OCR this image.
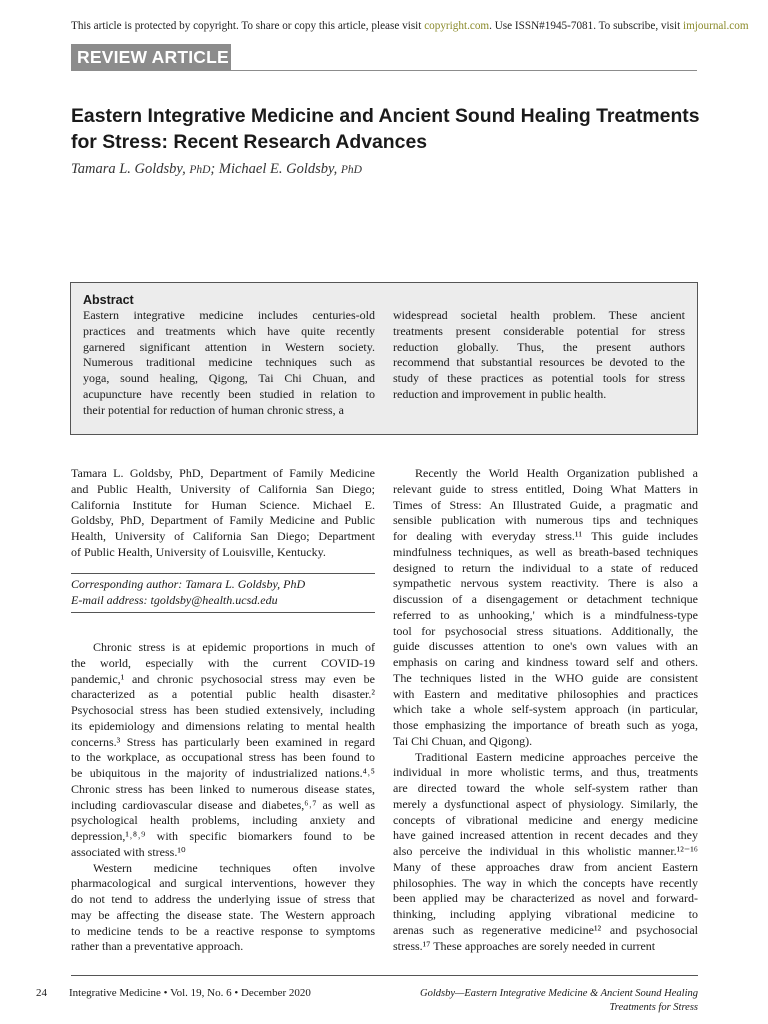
This article is protected by copyright. To share or copy this article, please visit copyright.com. Use ISSN#1945-7081. To subscribe, visit imjournal.com
REVIEW ARTICLE
Eastern Integrative Medicine and Ancient Sound Healing Treatments
for Stress: Recent Research Advances
Tamara L. Goldsby, PhD; Michael E. Goldsby, PhD
Abstract
Eastern integrative medicine includes centuries-old
practices and treatments which have quite recently
garnered significant attention in Western society.
Numerous traditional medicine techniques such as
yoga, sound healing, Qigong, Tai Chi Chuan, and
acupuncture have recently been studied in relation to
their potential for reduction of human chronic stress, a
widespread societal health problem. These ancient
treatments present considerable potential for stress
reduction globally. Thus, the present authors
recommend that substantial resources be devoted to the
study of these practices as potential tools for stress
reduction and improvement in public health.
Tamara L. Goldsby, PhD, Department of Family Medicine
and Public Health, University of California San Diego;
California Institute for Human Science. Michael E.
Goldsby, PhD, Department of Family Medicine and Public
Health, University of California San Diego; Department
of Public Health, University of Louisville, Kentucky.
Corresponding author: Tamara L. Goldsby, PhD
E-mail address: tgoldsby@health.ucsd.edu
Chronic stress is at epidemic proportions in much of
the world, especially with the current COVID-19
pandemic,¹ and chronic psychosocial stress may even be
characterized as a potential public health disaster.²
Psychosocial stress has been studied extensively, including
its epidemiology and dimensions relating to mental health
concerns.³ Stress has particularly been examined in regard
to the workplace, as occupational stress has been found to
be ubiquitous in the majority of industrialized nations.⁴˒⁵
Chronic stress has been linked to numerous disease states,
including cardiovascular disease and diabetes,⁶˒⁷ as well as
psychological health problems, including anxiety and
depression,¹˒⁸˒⁹ with specific biomarkers found to be
associated with stress.¹⁰
Western medicine techniques often involve
pharmacological and surgical interventions, however they
do not tend to address the underlying issue of stress that
may be affecting the disease state. The Western approach
to medicine tends to be a reactive response to symptoms
rather than a preventative approach.
Recently the World Health Organization published a
relevant guide to stress entitled, Doing What Matters in
Times of Stress: An Illustrated Guide, a pragmatic and
sensible publication with numerous tips and techniques
for dealing with everyday stress.¹¹ This guide includes
mindfulness techniques, as well as breath-based techniques
designed to return the individual to a state of reduced
sympathetic nervous system reactivity. There is also a
discussion of a disengagement or detachment technique
referred to as unhooking,' which is a mindfulness-type
tool for psychosocial stress situations. Additionally, the
guide discusses attention to one's own values with an
emphasis on caring and kindness toward self and others.
The techniques listed in the WHO guide are consistent
with Eastern and meditative philosophies and practices
which take a whole self-system approach (in particular,
those emphasizing the importance of breath such as yoga,
Tai Chi Chuan, and Qigong).
Traditional Eastern medicine approaches perceive the
individual in more wholistic terms, and thus, treatments
are directed toward the whole self-system rather than
merely a dysfunctional aspect of physiology. Similarly, the
concepts of vibrational medicine and energy medicine
have gained increased attention in recent decades and they
also perceive the individual in this wholistic manner.¹²⁻¹⁶
Many of these approaches draw from ancient Eastern
philosophies. The way in which the concepts have recently
been applied may be characterized as novel and forward-
thinking, including applying vibrational medicine to
arenas such as regenerative medicine¹² and psychosocial
stress.¹⁷ These approaches are sorely needed in current
24 Integrative Medicine • Vol. 19, No. 6 • December 2020	Goldsby—Eastern Integrative Medicine & Ancient Sound Healing
Treatments for Stress
